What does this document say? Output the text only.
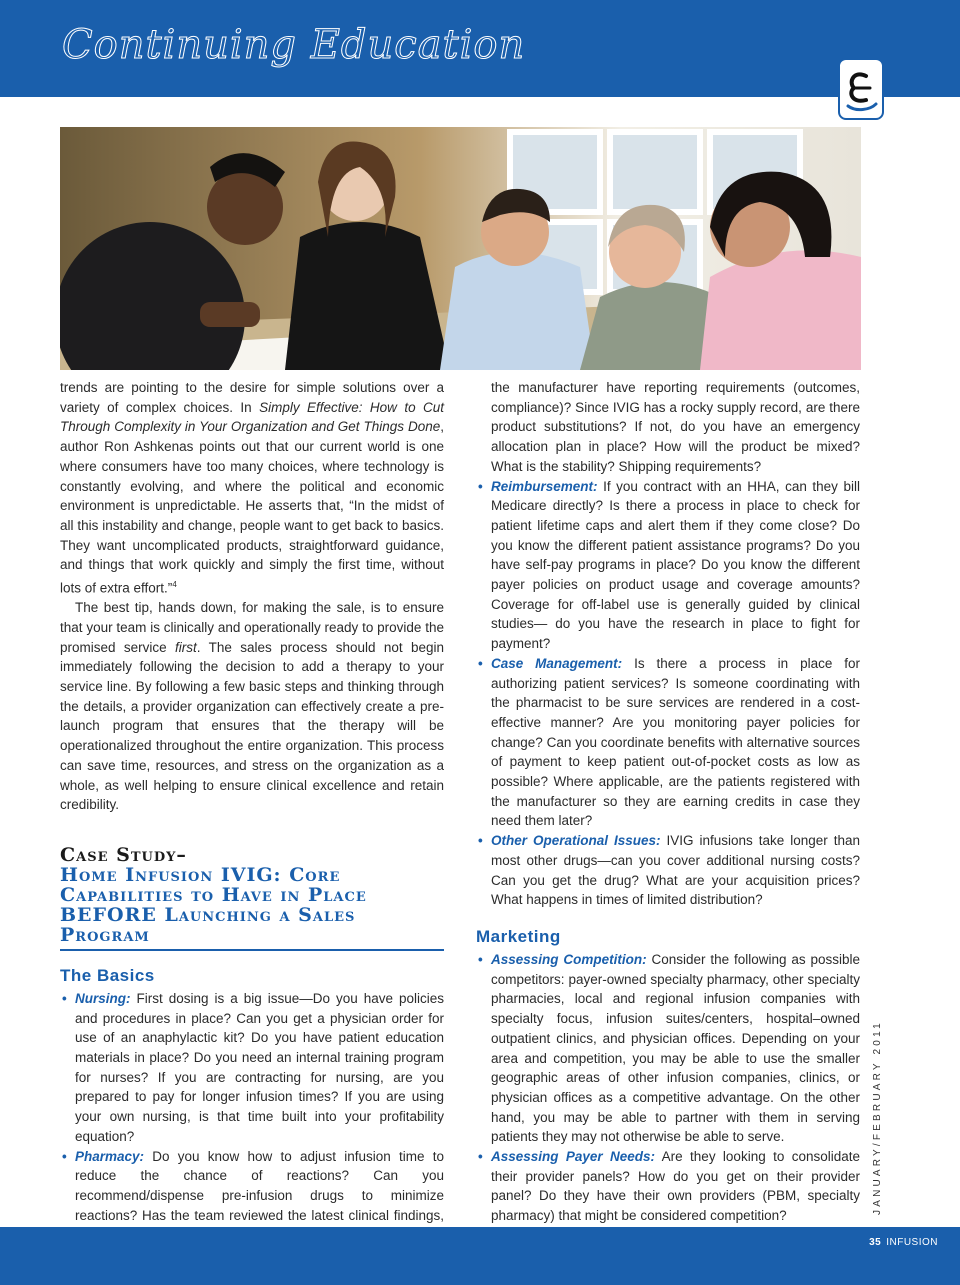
Continuing Education

trends are pointing to the desire for simple solutions over a variety of complex choices. In Simply Effective: How to Cut Through Complexity in Your Organization and Get Things Done, author Ron Ashkenas points out that our current world is one where consumers have too many choices, where technology is constantly evolving, and where the political and economic environment is unpredictable. He asserts that, “In the midst of all this instability and change, people want to get back to basics. They want uncomplicated products, straightforward guidance, and things that work quickly and simply the first time, without lots of extra effort.”$^4$

The best tip, hands down, for making the sale, is to ensure that your team is clinically and operationally ready to provide the promised service first. The sales process should not begin immediately following the decision to add a therapy to your service line. By following a few basic steps and thinking through the details, a provider organization can effectively create a pre-launch program that ensures that the therapy will be operationalized throughout the entire organization. This process can save time, resources, and stress on the organization as a whole, as well helping to ensure clinical excellence and retain credibility.

Case Study–
Home Infusion IVIG: Core Capabilities to Have in Place BEFORE Launching a Sales Program
The Basics

• Nursing: First dosing is a big issue—Do you have policies and procedures in place? Can you get a physician order for use of an anaphylactic kit? Do you have patient education materials in place? Do you need an internal training program for nurses? If you are contracting for nursing, are you prepared to pay for longer infusion times? If you are using your own nursing, is that time built into your profitability equation?

• Pharmacy: Do you know how to adjust infusion time to reduce the chance of reactions? Can you recommend/dispense pre-infusion drugs to minimize reactions? Has the team reviewed the latest clinical findings,

the manufacturer have reporting requirements (outcomes, compliance)? Since IVIG has a rocky supply record, are there product substitutions? If not, do you have an emergency allocation plan in place? How will the product be mixed? What is the stability? Shipping requirements?

• Reimbursement: If you contract with an HHA, can they bill Medicare directly? Is there a process in place to check for patient lifetime caps and alert them if they come close? Do you know the different patient assistance programs? Do you have self-pay programs in place? Do you know the different payer policies on product usage and coverage amounts? Coverage for off-label use is generally guided by clinical studies— do you have the research in place to fight for payment?

• Case Management: Is there a process in place for authorizing patient services? Is someone coordinating with the pharmacist to be sure services are rendered in a cost-effective manner? Are you monitoring payer policies for change? Can you coordinate benefits with alternative sources of payment to keep patient out-of-pocket costs as low as possible? Where applicable, are the patients registered with the manufacturer so they are earning credits in case they need them later?

• Other Operational Issues: IVIG infusions take longer than most other drugs—can you cover additional nursing costs? Can you get the drug? What are your acquisition prices? What happens in times of limited distribution?

Marketing

• Assessing Competition: Consider the following as possible competitors: payer-owned specialty pharmacy, other specialty pharmacies, local and regional infusion companies with specialty focus, infusion suites/centers, hospital–owned outpatient clinics, and physician offices. Depending on your area and competition, you may be able to use the smaller geographic areas of other infusion companies, clinics, or physician offices as a competitive advantage. On the other hand, you may be able to partner with them in serving patients they may not otherwise be able to serve.

• Assessing Payer Needs: Are they looking to consolidate their provider panels? How do you get on their provider panel? Do they have their own providers (PBM, specialty pharmacy) that might be considered competition?

JANUARY/FEBRUARY 2011
35 INFUSION
